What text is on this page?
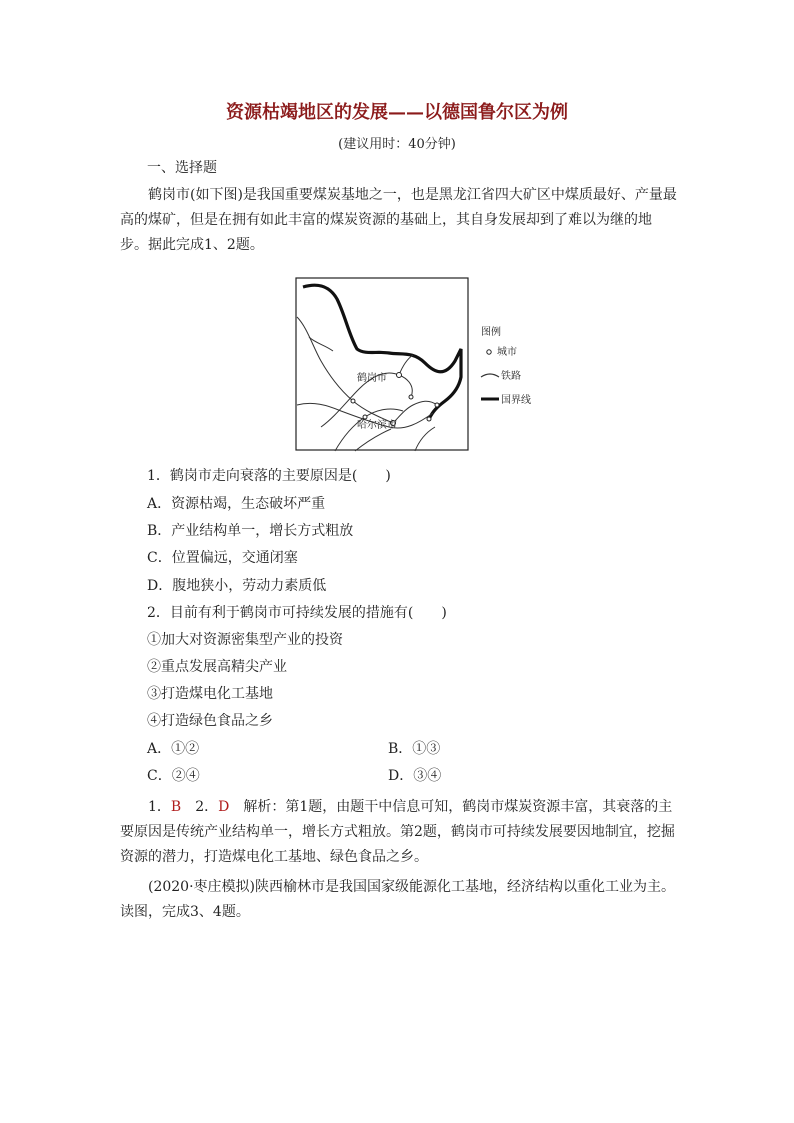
资源枯竭地区的发展——以德国鲁尔区为例
(建议用时：40分钟)
一、选择题
鹤岗市(如下图)是我国重要煤炭基地之一，也是黑龙江省四大矿区中煤质最好、产量最高的煤矿，但是在拥有如此丰富的煤炭资源的基础上，其自身发展却到了难以为继的地步。据此完成1、2题。
鹤岗市
哈尔滨市
图例
城市
铁路
国界线
1．鹤岗市走向衰落的主要原因是(　　)
A．资源枯竭，生态破坏严重
B．产业结构单一，增长方式粗放
C．位置偏远，交通闭塞
D．腹地狭小，劳动力素质低
2．目前有利于鹤岗市可持续发展的措施有(　　)
①加大对资源密集型产业的投资
②重点发展高精尖产业
③打造煤电化工基地
④打造绿色食品之乡
A．①②	B．①③
C．②④	D．③④
1．B　2．D　解析：第1题，由题干中信息可知，鹤岗市煤炭资源丰富，其衰落的主要原因是传统产业结构单一，增长方式粗放。第2题，鹤岗市可持续发展要因地制宜，挖掘资源的潜力，打造煤电化工基地、绿色食品之乡。
(2020·枣庄模拟)陕西榆林市是我国国家级能源化工基地，经济结构以重化工业为主。读图，完成3、4题。
